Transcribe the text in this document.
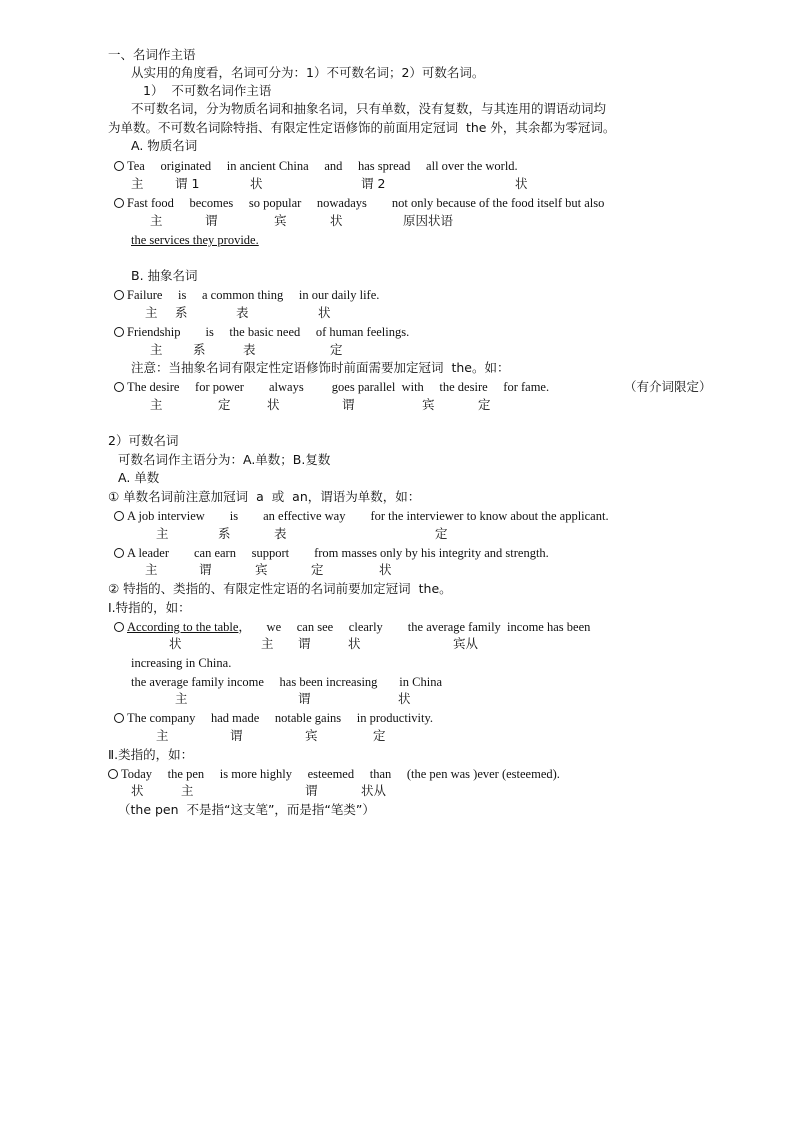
一、名词作主语
从实用的角度看，名词可分为：1）不可数名词；2）可数名词。
1）  不可数名词作主语
不可数名词，分为物质名词和抽象名词，只有单数，没有复数，与其连用的谓语动词均
为单数。不可数名词除特指、有限定性定语修饰的前面用定冠词  the 外，其余都为零冠词。
A. 物质名词
Tea     originated     in ancient China     and     has spread     all over the world.
主	谓 1	状	谓 2	状
Fast food     becomes     so popular     nowadays        not only because of the food itself but also
主	谓	宾	状	原因状语
the services they provide.
B. 抽象名词
Failure     is     a common thing     in our daily life.
主 系	表	状
Friendship        is     the basic need     of human feelings.
主 系	表	定
注意：当抽象名词有限定性定语修饰时前面需要加定冠词  the。如：
The desire     for power        always         goes parallel  with     the desire     for fame.	（有介词限定）
主	定	状	谓	宾	定
2）可数名词
可数名词作主语分为：A.单数；B.复数
A. 单数
① 单数名词前注意加冠词  a  或  an，谓语为单数，如：
A job interview        is        an effective way        for the interviewer to know about the applicant.
主	系	表	定
A leader        can earn     support        from masses only by his integrity and strength.
主	谓	宾	定	状
② 特指的、类指的、有限定性定语的名词前要加定冠词  the。
Ⅰ.特指的，如：
According to the table，     we     can see     clearly        the average family  income has been
状	主 谓	状	宾从
increasing in China.
the average family income     has been increasing       in China
主	谓	状
The company     had made     notable gains     in productivity.
主	谓	宾	定
Ⅱ.类指的，如：
Today     the pen     is more highly     esteemed     than     (the pen was )ever (esteemed).
状	主	谓	状从
（the pen  不是指“这支笔”，而是指“笔类”）
